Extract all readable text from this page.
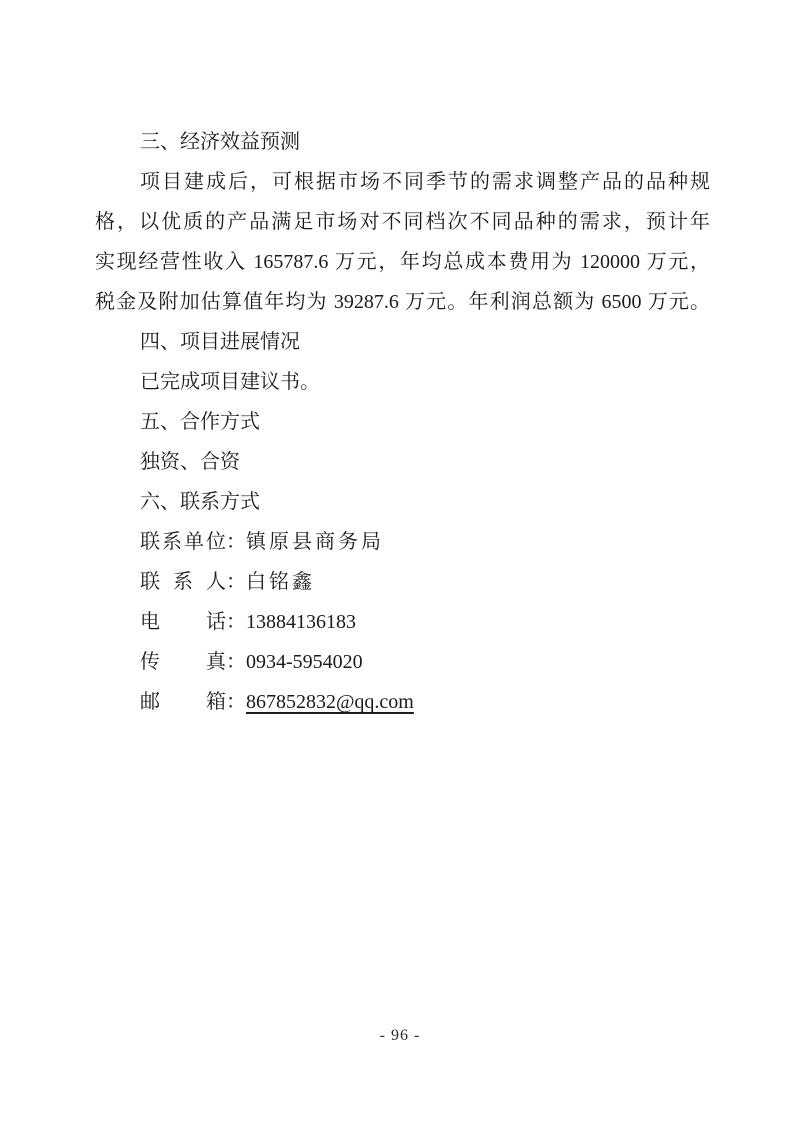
三、经济效益预测
项目建成后，可根据市场不同季节的需求调整产品的品种规
格，以优质的产品满足市场对不同档次不同品种的需求，预计年
实现经营性收入 165787.6 万元，年均总成本费用为 120000 万元，
税金及附加估算值年均为 39287.6 万元。年利润总额为 6500 万元。
四、项目进展情况
已完成项目建议书。
五、合作方式
独资、合资
六、联系方式
联系单位：镇原县商务局
联系人：白铭鑫
电话：13884136183
传真：0934-5954020
邮箱：867852832@qq.com
- 96 -
